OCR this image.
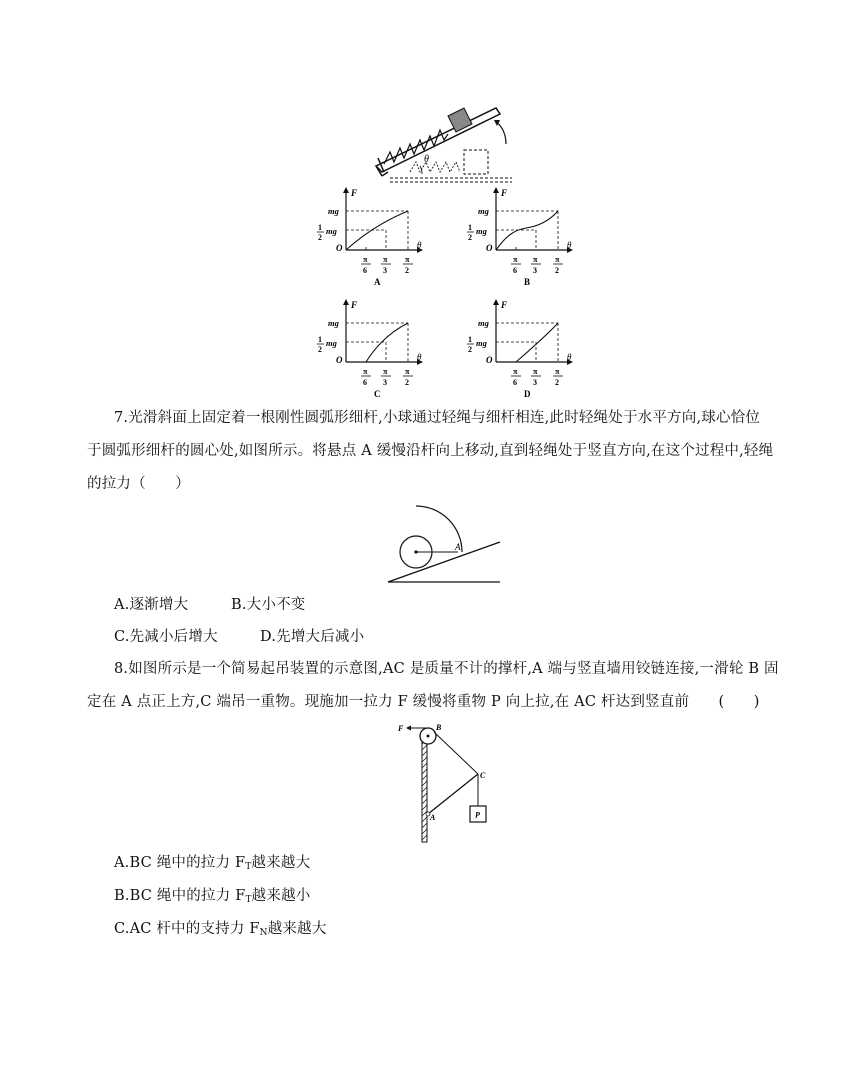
θ
F
θ
O
mg
1
2
mg
π
6
π
3
π
2
A
F
θ
O
mg
1
2
mg
π
6
π
3
π
2
B
F
θ
O
mg
1
2
mg
π
6
π
3
π
2
C
F
θ
O
mg
1
2
mg
π
6
π
3
π
2
D
7.光滑斜面上固定着一根刚性圆弧形细杆,小球通过轻绳与细杆相连,此时轻绳处于水平方向,球心恰位
于圆弧形细杆的圆心处,如图所示。将悬点 A 缓慢沿杆向上移动,直到轻绳处于竖直方向,在这个过程中,轻绳
的拉力（　　）
A
A.逐渐增大	B.大小不变
C.先减小后增大	D.先增大后减小
8.如图所示是一个简易起吊装置的示意图,AC 是质量不计的撑杆,A 端与竖直墙用铰链连接,一滑轮 B 固
定在 A 点正上方,C 端吊一重物。现施加一拉力 F 缓慢将重物 P 向上拉,在 AC 杆达到竖直前　　(　　)
F	B
A
C
P
A.BC 绳中的拉力 $F_T$越来越大
B.BC 绳中的拉力 $F_T$越来越小
C.AC 杆中的支持力 $F_N$越来越大
